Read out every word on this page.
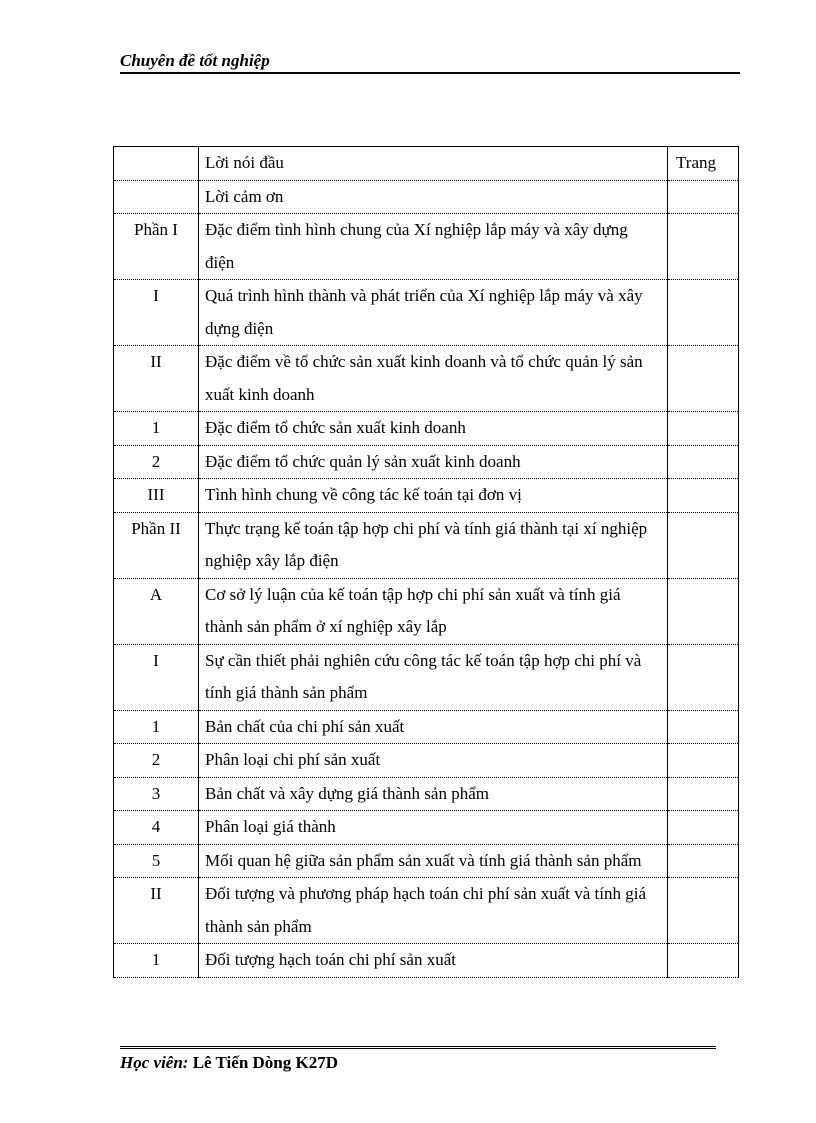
Chuyên đề tốt nghiệp
	Lời nói đầu	Trang
	Lời cảm ơn	
Phần I	Đặc điểm tình hình chung của Xí nghiệp lắp máy và xây dựng điện	
I	Quá trình hình thành và phát triển của Xí nghiệp lắp máy và xây dựng điện	
II	Đặc điểm về tổ chức sản xuất kinh doanh và tổ chức quản lý sản xuất kinh doanh	
1	Đặc điểm tổ chức sản xuất kinh doanh	
2	Đặc điểm tổ chức quản lý sản xuất kinh doanh	
III	Tình hình chung về công tác kế toán tại đơn vị	
Phần II	Thực trạng kế toán tập hợp chi phí và tính giá thành tại xí nghiệp nghiệp xây lắp điện	
A	Cơ sở lý luận của kế toán tập hợp chi phí sản xuất và tính giá thành sản phẩm ở xí nghiệp xây lắp	
I	Sự cần thiết phải nghiên cứu công tác kế toán tập hợp chi phí và tính giá thành sản phẩm	
1	Bản chất của chi phí sản xuất	
2	Phân loại chi phí sản xuất	
3	Bản chất và xây dựng giá thành sản phẩm	
4	Phân loại giá thành	
5	Mối quan hệ giữa sản phẩm sản xuất và tính giá thành sản phẩm	
II	Đối tượng và phương pháp hạch toán chi phí sản xuất và tính giá thành sản phẩm	
1	Đối tượng hạch toán chi phí sản xuất	
Học viên: Lê Tiến Dòng K27D
